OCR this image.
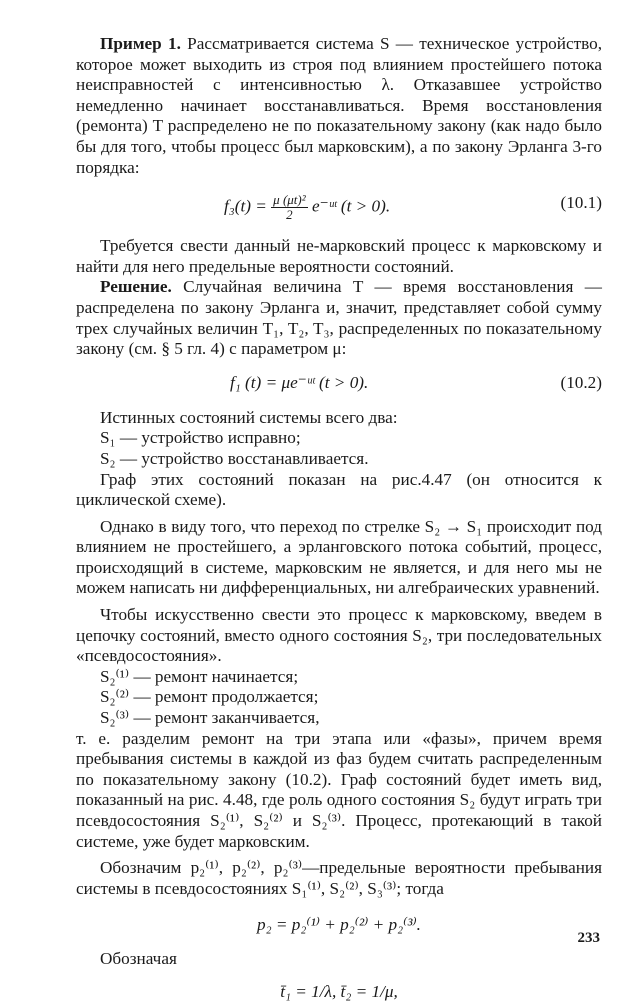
Пример 1. Рассматривается система S — техническое устройство, которое может выходить из строя под влиянием простейшего потока неисправностей с интенсивностью λ. Отказавшее устройство немедленно начинает восстанавливаться. Время восстановления (ремонта) T распределено не по показательному закону (как надо было бы для того, чтобы процесс был марковским), а по закону Эрланга 3-го порядка:

$f_3(t) = \frac{\text{μ (μt)²}}{2}$ e⁻ᵘᵗ (t > 0).	(10.1)

Требуется свести данный не-марковский процесс к марковскому и найти для него предельные вероятности состояний.

Решение. Случайная величина T — время восстановления — распределена по закону Эрланга и, значит, представляет собой сумму трех случайных величин T₁, T₂, T₃, распределенных по показательному закону (см. § 5 гл. 4) с параметром μ:

f₁ (t) = μe⁻ᵘᵗ (t > 0).	(10.2)

Истинных состояний системы всего два:

S₁ — устройство исправно;

S₂ — устройство восстанавливается.

Граф этих состояний показан на рис.4.47 (он относится к циклической схеме).

Однако в виду того, что переход по стрелке S₂ → S₁ происходит под влиянием не простейшего, а эрланговского потока событий, процесс, происходящий в системе, марковским не является, и для него мы не можем написать ни дифференциальных, ни алгебраических уравнений.

Чтобы искусственно свести это процесс к марковскому, введем в цепочку состояний, вместо одного состояния S₂, три последовательных «псевдосостояния».

S₂⁽¹⁾ — ремонт начинается;

S₂⁽²⁾ — ремонт продолжается;

S₂⁽³⁾ — ремонт заканчивается,

т. е. разделим ремонт на три этапа или «фазы», причем время пребывания системы в каждой из фаз будем считать распределенным по показательному закону (10.2). Граф состояний будет иметь вид, показанный на рис. 4.48, где роль одного состояния S₂ будут играть три псевдосостояния S₂⁽¹⁾, S₂⁽²⁾ и S₂⁽³⁾. Процесс, протекающий в такой системе, уже будет марковским.

Обозначим p₂⁽¹⁾, p₂⁽²⁾, p₂⁽³⁾—предельные вероятности пребывания системы в псевдосостояниях S₁⁽¹⁾, S₂⁽²⁾, S₃⁽³⁾; тогда

p₂ = p₂⁽¹⁾ + p₂⁽²⁾ + p₂⁽³⁾.

Обозначая

t̄₁ = 1/λ, t̄₂ = 1/μ,
233
